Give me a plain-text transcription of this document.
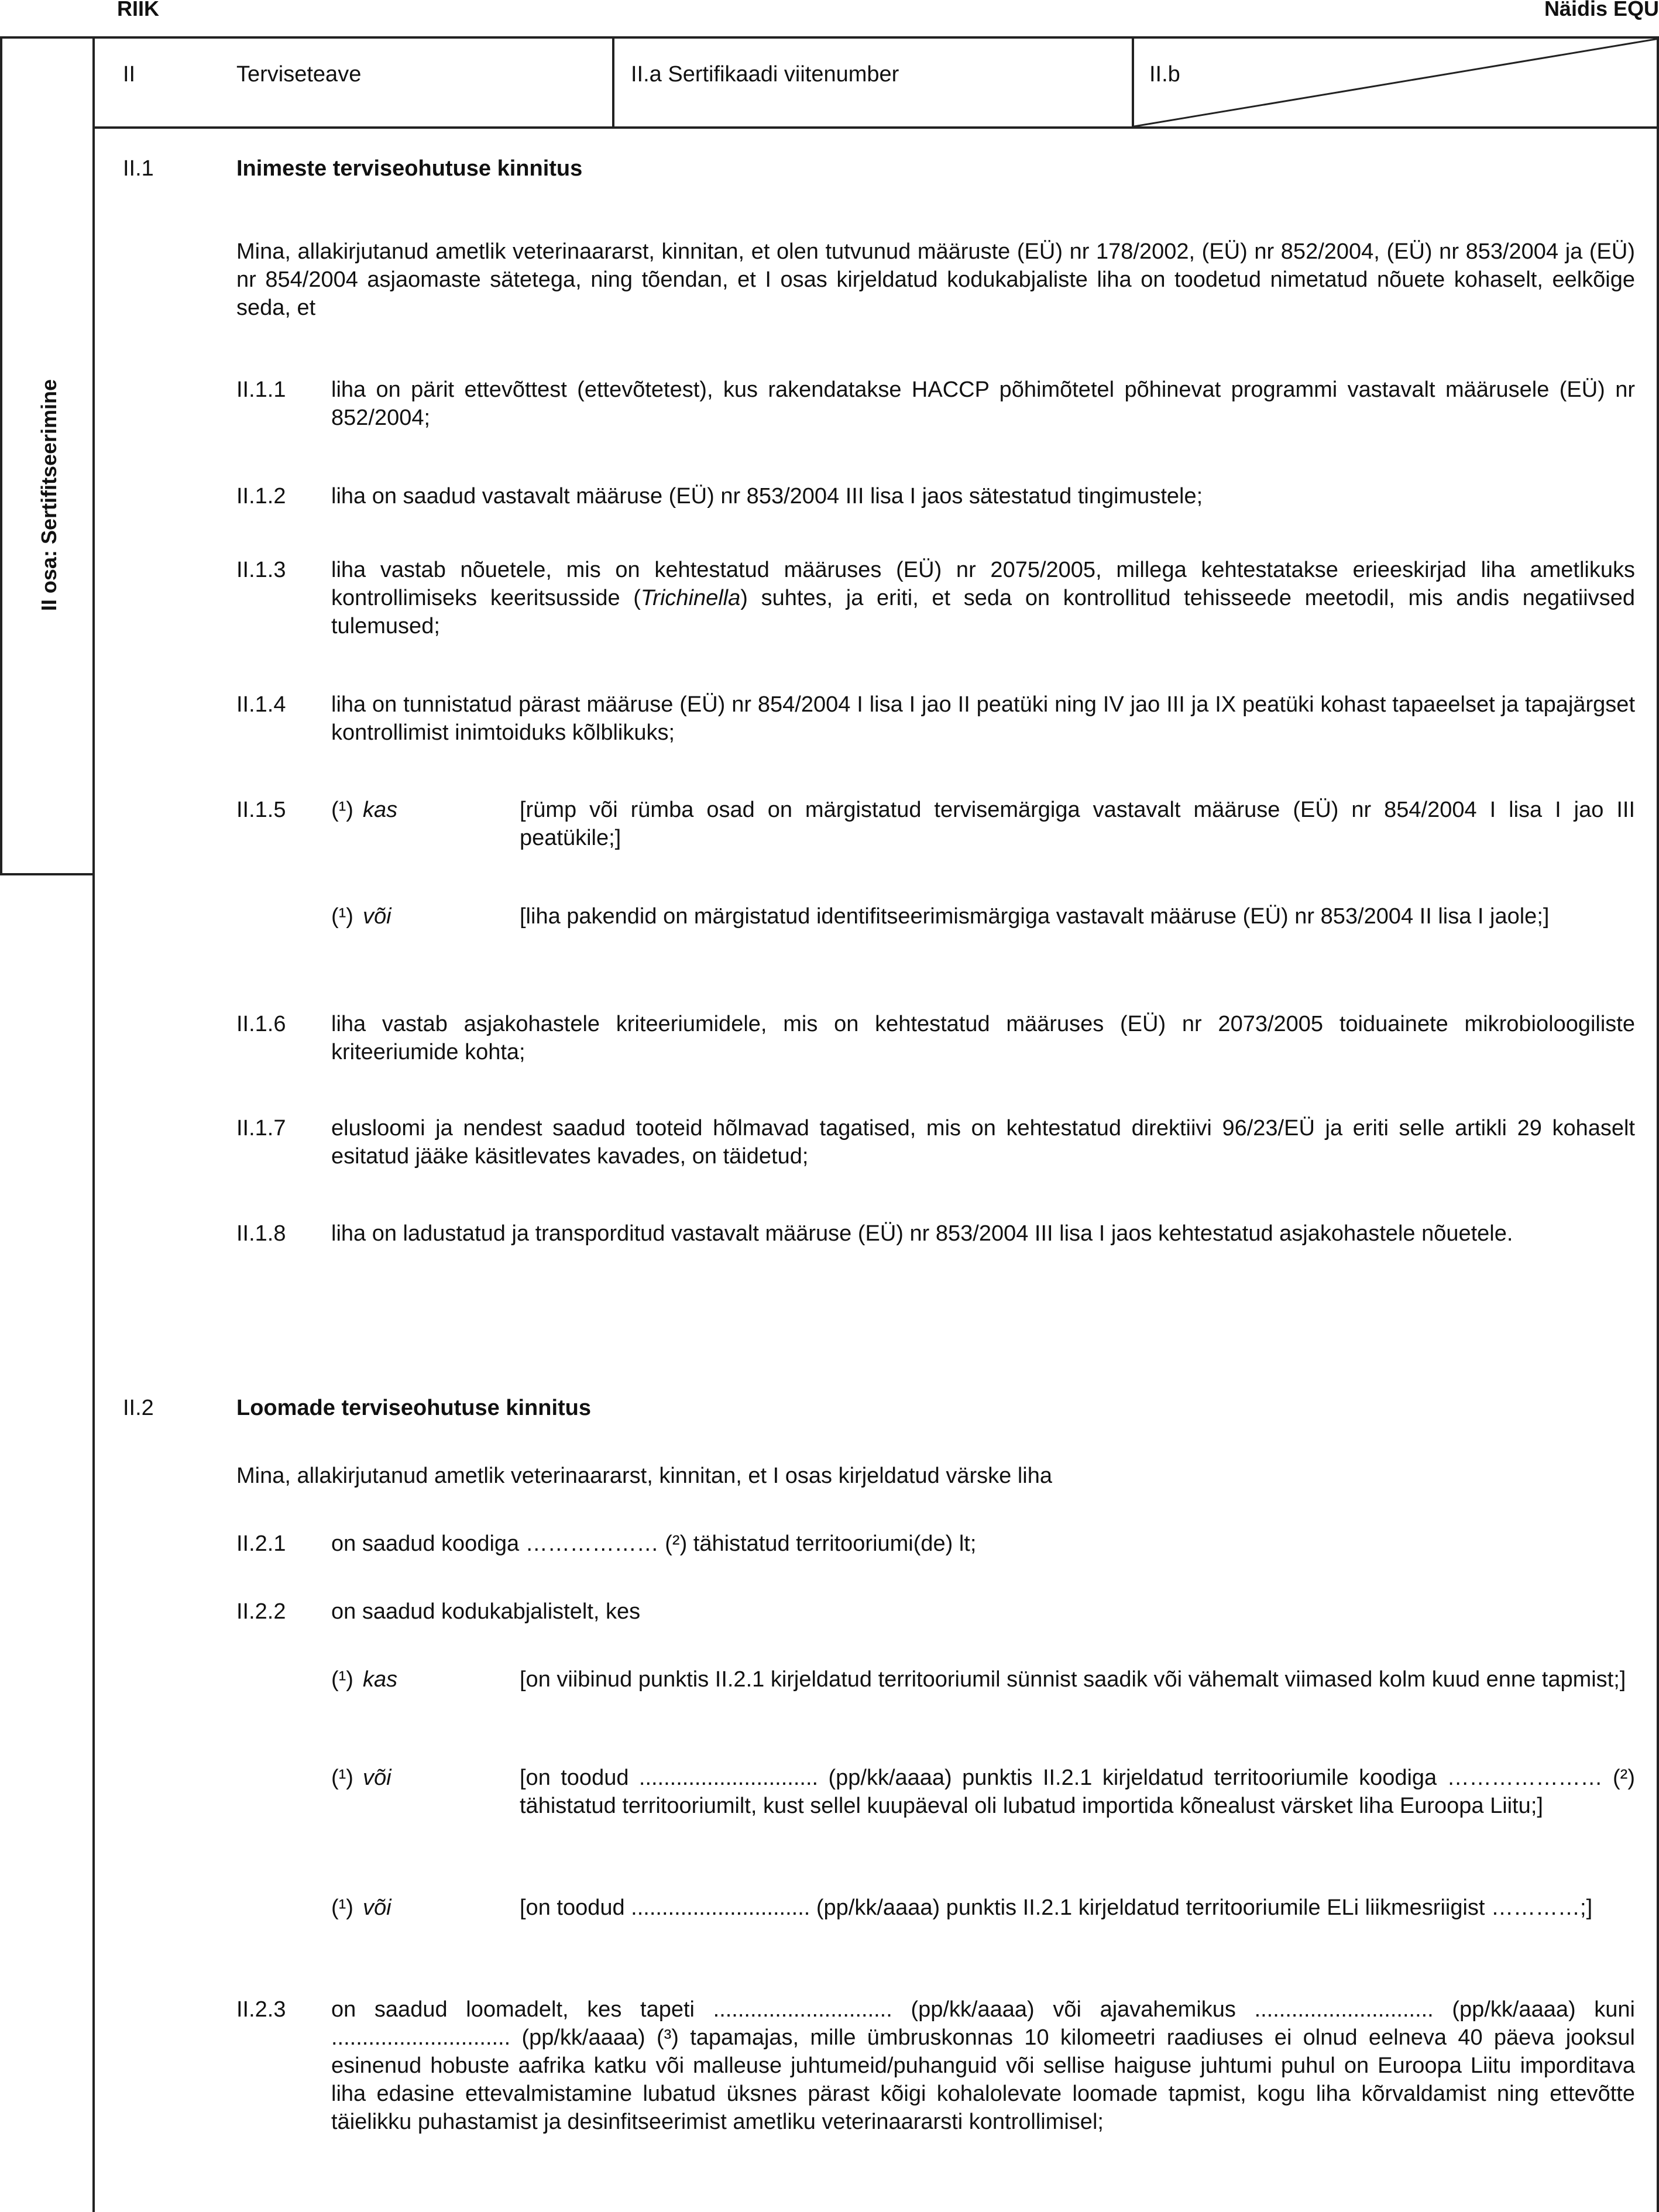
RIIK	Näidis EQU
II osa: Sertifitseerimine
II	Terviseteave	II.a Sertifikaadi viitenumber	II.b
II.1	Inimeste terviseohutuse kinnitus
Mina, allakirjutanud ametlik veterinaararst, kinnitan, et olen tutvunud määruste (EÜ) nr 178/2002, (EÜ) nr 852/2004, (EÜ) nr 853/2004 ja (EÜ) nr 854/2004 asjaomaste sätetega, ning tõendan, et I osas kirjeldatud kodukabjaliste liha on toodetud nimetatud nõuete kohaselt, eelkõige seda, et
II.1.1 liha on pärit ettevõttest (ettevõtetest), kus rakendatakse HACCP põhimõtetel põhinevat programmi vastavalt määrusele (EÜ) nr 852/2004;
II.1.2 liha on saadud vastavalt määruse (EÜ) nr 853/2004 III lisa I jaos sätestatud tingimustele;
II.1.3 liha vastab nõuetele, mis on kehtestatud määruses (EÜ) nr 2075/2005, millega kehtestatakse erieeskirjad liha ametlikuks kontrollimiseks keeritsusside (Trichinella) suhtes, ja eriti, et seda on kontrollitud tehisseede meetodil, mis andis negatiivsed tulemused;
II.1.4 liha on tunnistatud pärast määruse (EÜ) nr 854/2004 I lisa I jao II peatüki ning IV jao III ja IX peatüki kohast tapaeelset ja tapajärgset kontrollimist inimtoiduks kõlblikuks;
II.1.5 (¹) kas	[rümp või rümba osad on märgistatud tervisemärgiga vastavalt määruse (EÜ) nr 854/2004 I lisa I jao III peatükile;]
(¹) või	[liha pakendid on märgistatud identifitseerimismärgiga vastavalt määruse (EÜ) nr 853/2004 II lisa I jaole;]
II.1.6 liha vastab asjakohastele kriteeriumidele, mis on kehtestatud määruses (EÜ) nr 2073/2005 toiduainete mikrobioloogiliste kriteeriumide kohta;
II.1.7 elusloomi ja nendest saadud tooteid hõlmavad tagatised, mis on kehtestatud direktiivi 96/23/EÜ ja eriti selle artikli 29 kohaselt esitatud jääke käsitlevates kavades, on täidetud;
II.1.8 liha on ladustatud ja transporditud vastavalt määruse (EÜ) nr 853/2004 III lisa I jaos kehtestatud asjakohastele nõuetele.
II.2	Loomade terviseohutuse kinnitus
Mina, allakirjutanud ametlik veterinaararst, kinnitan, et I osas kirjeldatud värske liha
II.2.1 on saadud koodiga ……………… (²) tähistatud territooriumi(de) lt;
II.2.2 on saadud kodukabjalistelt, kes
(¹) kas	[on viibinud punktis II.2.1 kirjeldatud territooriumil sünnist saadik või vähemalt viimased kolm kuud enne tapmist;]
(¹) või	[on toodud ............................. (pp/kk/aaaa) punktis II.2.1 kirjeldatud territooriumile koodiga ………………… (²) tähistatud territooriumilt, kust sellel kuupäeval oli lubatud importida kõnealust värsket liha Euroopa Liitu;]
(¹) või	[on toodud ............................. (pp/kk/aaaa) punktis II.2.1 kirjeldatud territooriumile ELi liikmesriigist …………;]
II.2.3 on saadud loomadelt, kes tapeti ............................. (pp/kk/aaaa) või ajavahemikus ............................. (pp/kk/aaaa) kuni ............................. (pp/kk/aaaa) (³) tapamajas, mille ümbruskonnas 10 kilomeetri raadiuses ei olnud eelneva 40 päeva jooksul esinenud hobuste aafrika katku või malleuse juhtumeid/puhanguid või sellise haiguse juhtumi puhul on Euroopa Liitu imporditava liha edasine ettevalmistamine lubatud üksnes pärast kõigi kohalolevate loomade tapmist, kogu liha kõrvaldamist ning ettevõtte täielikku puhastamist ja desinfitseerimist ametliku veterinaararsti kontrollimisel;
